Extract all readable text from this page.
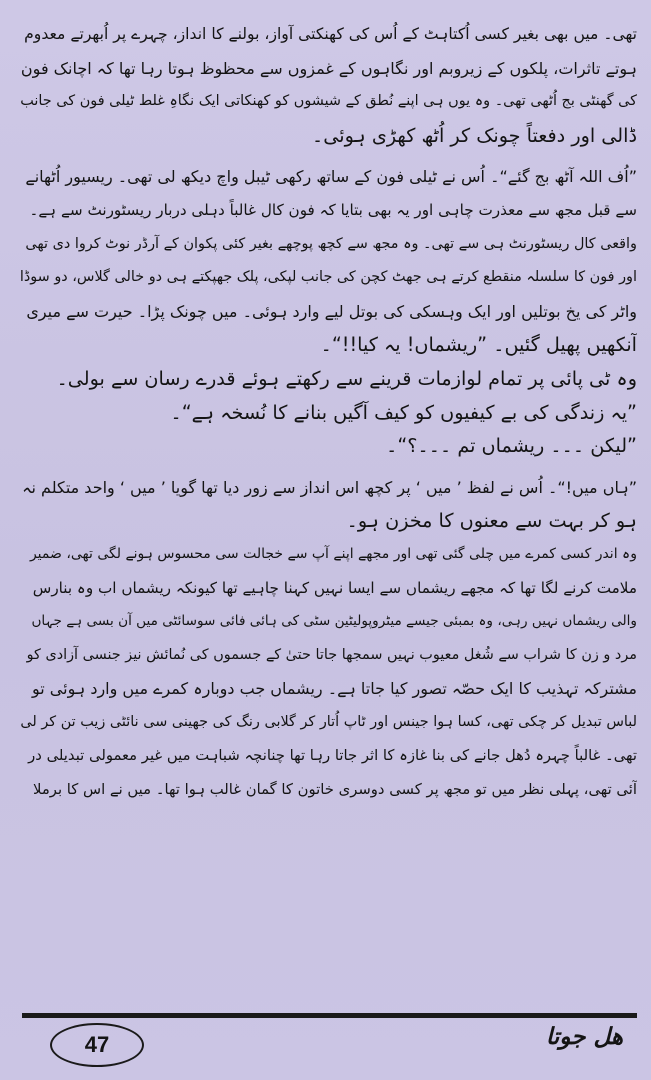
تھی۔ میں بھی بغیر کسی اُکتاہٹ کے اُس کی کھنکتی آواز، بولنے کا انداز، چہرے پر اُبھرتے معدوم
ہوتے تاثرات، پلکوں کے زیروبم اور نگاہوں کے غمزوں سے محظوظ ہوتا رہا تھا کہ اچانک فون
کی گھنٹی بج اُٹھی تھی۔ وہ یوں ہی اپنے نُطق کے شیشوں کو کھنکاتی ایک نگاہِ غلط ٹیلی فون کی جانب
ڈالی اور دفعتاً چونک کر اُٹھ کھڑی ہوئی۔
”اُف اللہ آٹھ بج گئے“۔ اُس نے ٹیلی فون کے ساتھ رکھی ٹیبل واچ دیکھ لی تھی۔ ریسیور اُٹھانے
سے قبل مجھ سے معذرت چاہی اور یہ بھی بتایا کہ فون کال غالباً دہلی دربار ریسٹورنٹ سے ہے۔
واقعی کال ریسٹورنٹ ہی سے تھی۔ وہ مجھ سے کچھ پوچھے بغیر کئی پکوان کے آرڈر نوٹ کروا دی تھی
اور فون کا سلسلہ منقطع کرتے ہی جھٹ کچن کی جانب لپکی، پلک جھپکتے ہی دو خالی گلاس، دو سوڈا
واٹر کی یخ بوتلیں اور ایک وہسکی کی بوتل لیے وارد ہوئی۔ میں چونک پڑا۔ حیرت سے میری
آنکھیں پھیل گئیں۔ ”ریشماں! یہ کیا!!“۔
وہ ٹی پائی پر تمام لوازمات قرینے سے رکھتے ہوئے قدرے رسان سے بولی۔
”یہ زندگی کی بے کیفیوں کو کیف آگیں بنانے کا نُسخہ ہے“۔
”لیکن ۔۔۔ ریشماں تم ۔۔۔؟“۔
”ہاں میں!“۔ اُس نے لفظ ’ میں ‘ پر کچھ اس انداز سے زور دیا تھا گویا ’ میں ‘ واحد متکلم نہ
ہو کر بہت سے معنوں کا مخزن ہو۔
وہ اندر کسی کمرے میں چلی گئی تھی اور مجھے اپنے آپ سے خجالت سی محسوس ہونے لگی تھی، ضمیر
ملامت کرنے لگا تھا کہ مجھے ریشماں سے ایسا نہیں کہنا چاہیے تھا کیونکہ ریشماں اب وہ بنارس
والی ریشماں نہیں رہی، وہ بمبئی جیسے میٹروپولیٹین سٹی کی ہائی فائی سوسائٹی میں آن بسی ہے جہاں
مرد و زن کا شراب سے شُغل معیوب نہیں سمجھا جاتا حتیٰ کے جسموں کی نُمائش نیز جنسی آزادی کو
مشترکہ تہذیب کا ایک حصّہ تصور کیا جاتا ہے۔ ریشماں جب دوبارہ کمرے میں وارد ہوئی تو
لباس تبدیل کر چکی تھی، کسا ہوا جینس اور ٹاپ اُتار کر گلابی رنگ کی جھینی سی نائٹی زیب تن کر لی
تھی۔ غالباً چہرہ دُھل جانے کی بنا غازہ کا اثر جاتا رہا تھا چنانچہ شباہت میں غیر معمولی تبدیلی در
آئی تھی، پہلی نظر میں تو مجھ پر کسی دوسری خاتون کا گمان غالب ہوا تھا۔ میں نے اس کا برملا
47	ھل جوتا
